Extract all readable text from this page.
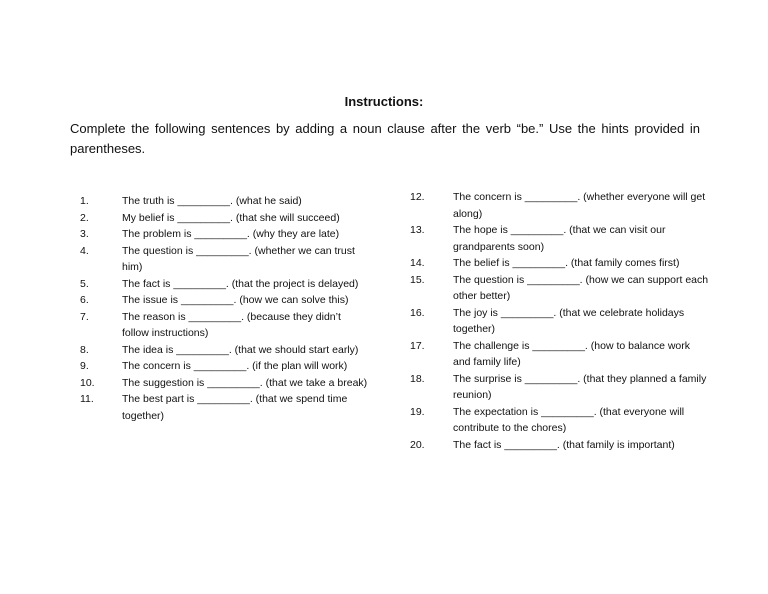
Instructions:
Complete the following sentences by adding a noun clause after the verb “be.” Use the hints provided in parentheses.
1.	The truth is _________. (what he said)
2.	My belief is _________. (that she will succeed)
3.	The problem is _________. (why they are late)
4.	The question is _________. (whether we can trust him)
5.	The fact is _________. (that the project is delayed)
6.	The issue is _________. (how we can solve this)
7.	The reason is _________. (because they didn’t follow instructions)
8.	The idea is _________. (that we should start early)
9.	The concern is _________. (if the plan will work)
10.	The suggestion is _________. (that we take a break)
11.	The best part is _________. (that we spend time together)
12.	The concern is _________. (whether everyone will get along)
13.	The hope is _________. (that we can visit our grandparents soon)
14.	The belief is _________. (that family comes first)
15.	The question is _________. (how we can support each other better)
16.	The joy is _________. (that we celebrate holidays together)
17.	The challenge is _________. (how to balance work and family life)
18.	The surprise is _________. (that they planned a family reunion)
19.	The expectation is _________. (that everyone will contribute to the chores)
20.	The fact is _________. (that family is important)
